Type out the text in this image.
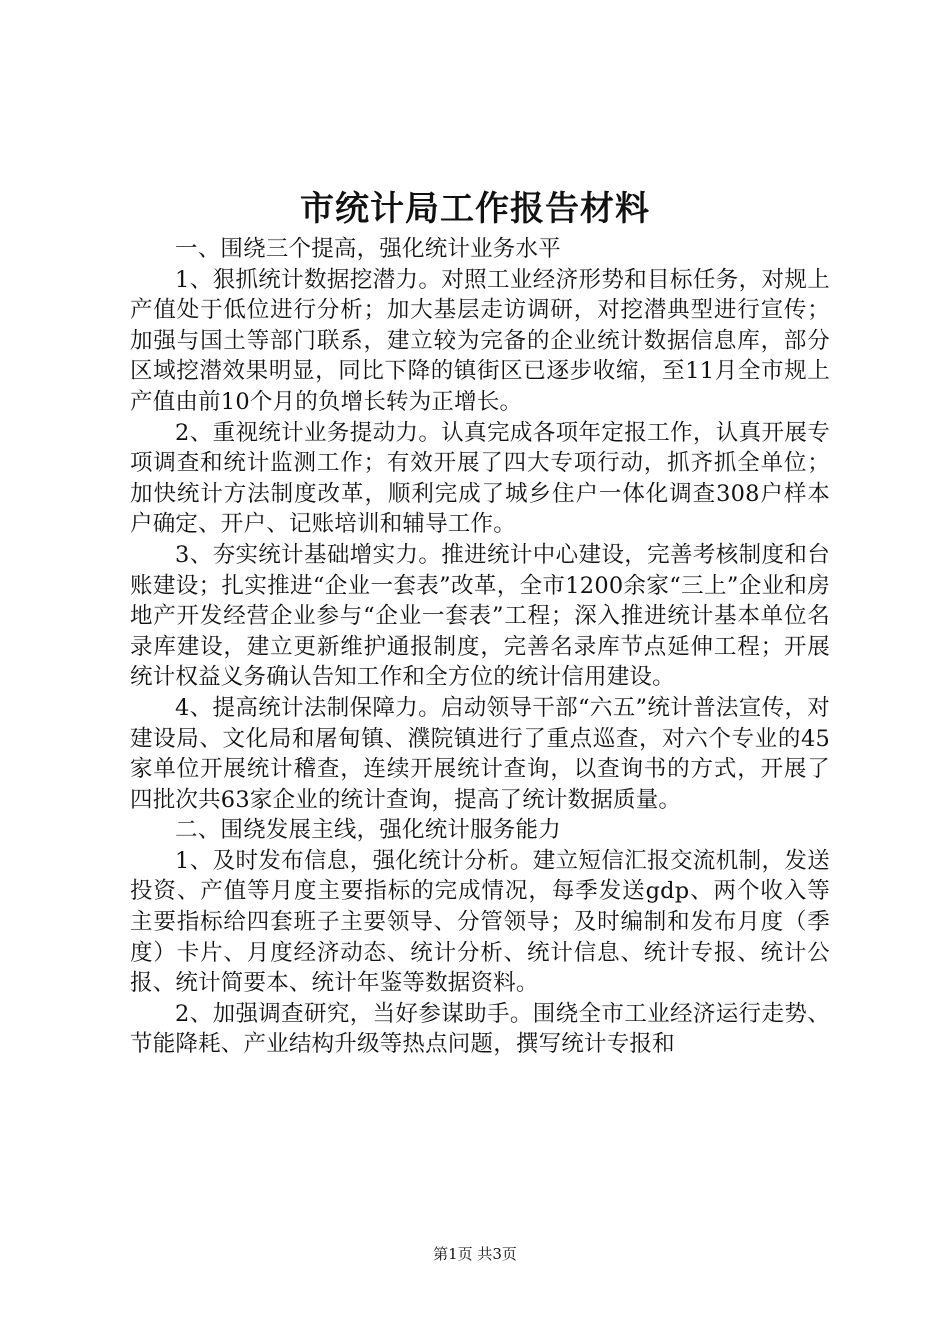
市统计局工作报告材料

一、围绕三个提高，强化统计业务水平

1、狠抓统计数据挖潜力。对照工业经济形势和目标任务，对规上产值处于低位进行分析；加大基层走访调研，对挖潜典型进行宣传；加强与国土等部门联系，建立较为完备的企业统计数据信息库，部分区域挖潜效果明显，同比下降的镇街区已逐步收缩，至11月全市规上产值由前10个月的负增长转为正增长。

2、重视统计业务提动力。认真完成各项年定报工作，认真开展专项调查和统计监测工作；有效开展了四大专项行动，抓齐抓全单位；加快统计方法制度改革，顺利完成了城乡住户一体化调查308户样本户确定、开户、记账培训和辅导工作。

3、夯实统计基础增实力。推进统计中心建设，完善考核制度和台账建设；扎实推进“企业一套表”改革，全市1200余家“三上”企业和房地产开发经营企业参与“企业一套表”工程；深入推进统计基本单位名录库建设，建立更新维护通报制度，完善名录库节点延伸工程；开展统计权益义务确认告知工作和全方位的统计信用建设。

4、提高统计法制保障力。启动领导干部“六五”统计普法宣传，对建设局、文化局和屠甸镇、濮院镇进行了重点巡查，对六个专业的45家单位开展统计稽查，连续开展统计查询，以查询书的方式，开展了四批次共63家企业的统计查询，提高了统计数据质量。

二、围绕发展主线，强化统计服务能力

1、及时发布信息，强化统计分析。建立短信汇报交流机制，发送投资、产值等月度主要指标的完成情况，每季发送gdp、两个收入等主要指标给四套班子主要领导、分管领导；及时编制和发布月度（季度）卡片、月度经济动态、统计分析、统计信息、统计专报、统计公报、统计简要本、统计年鉴等数据资料。

2、加强调查研究，当好参谋助手。围绕全市工业经济运行走势、节能降耗、产业结构升级等热点问题，撰写统计专报和

第1页 共3页
